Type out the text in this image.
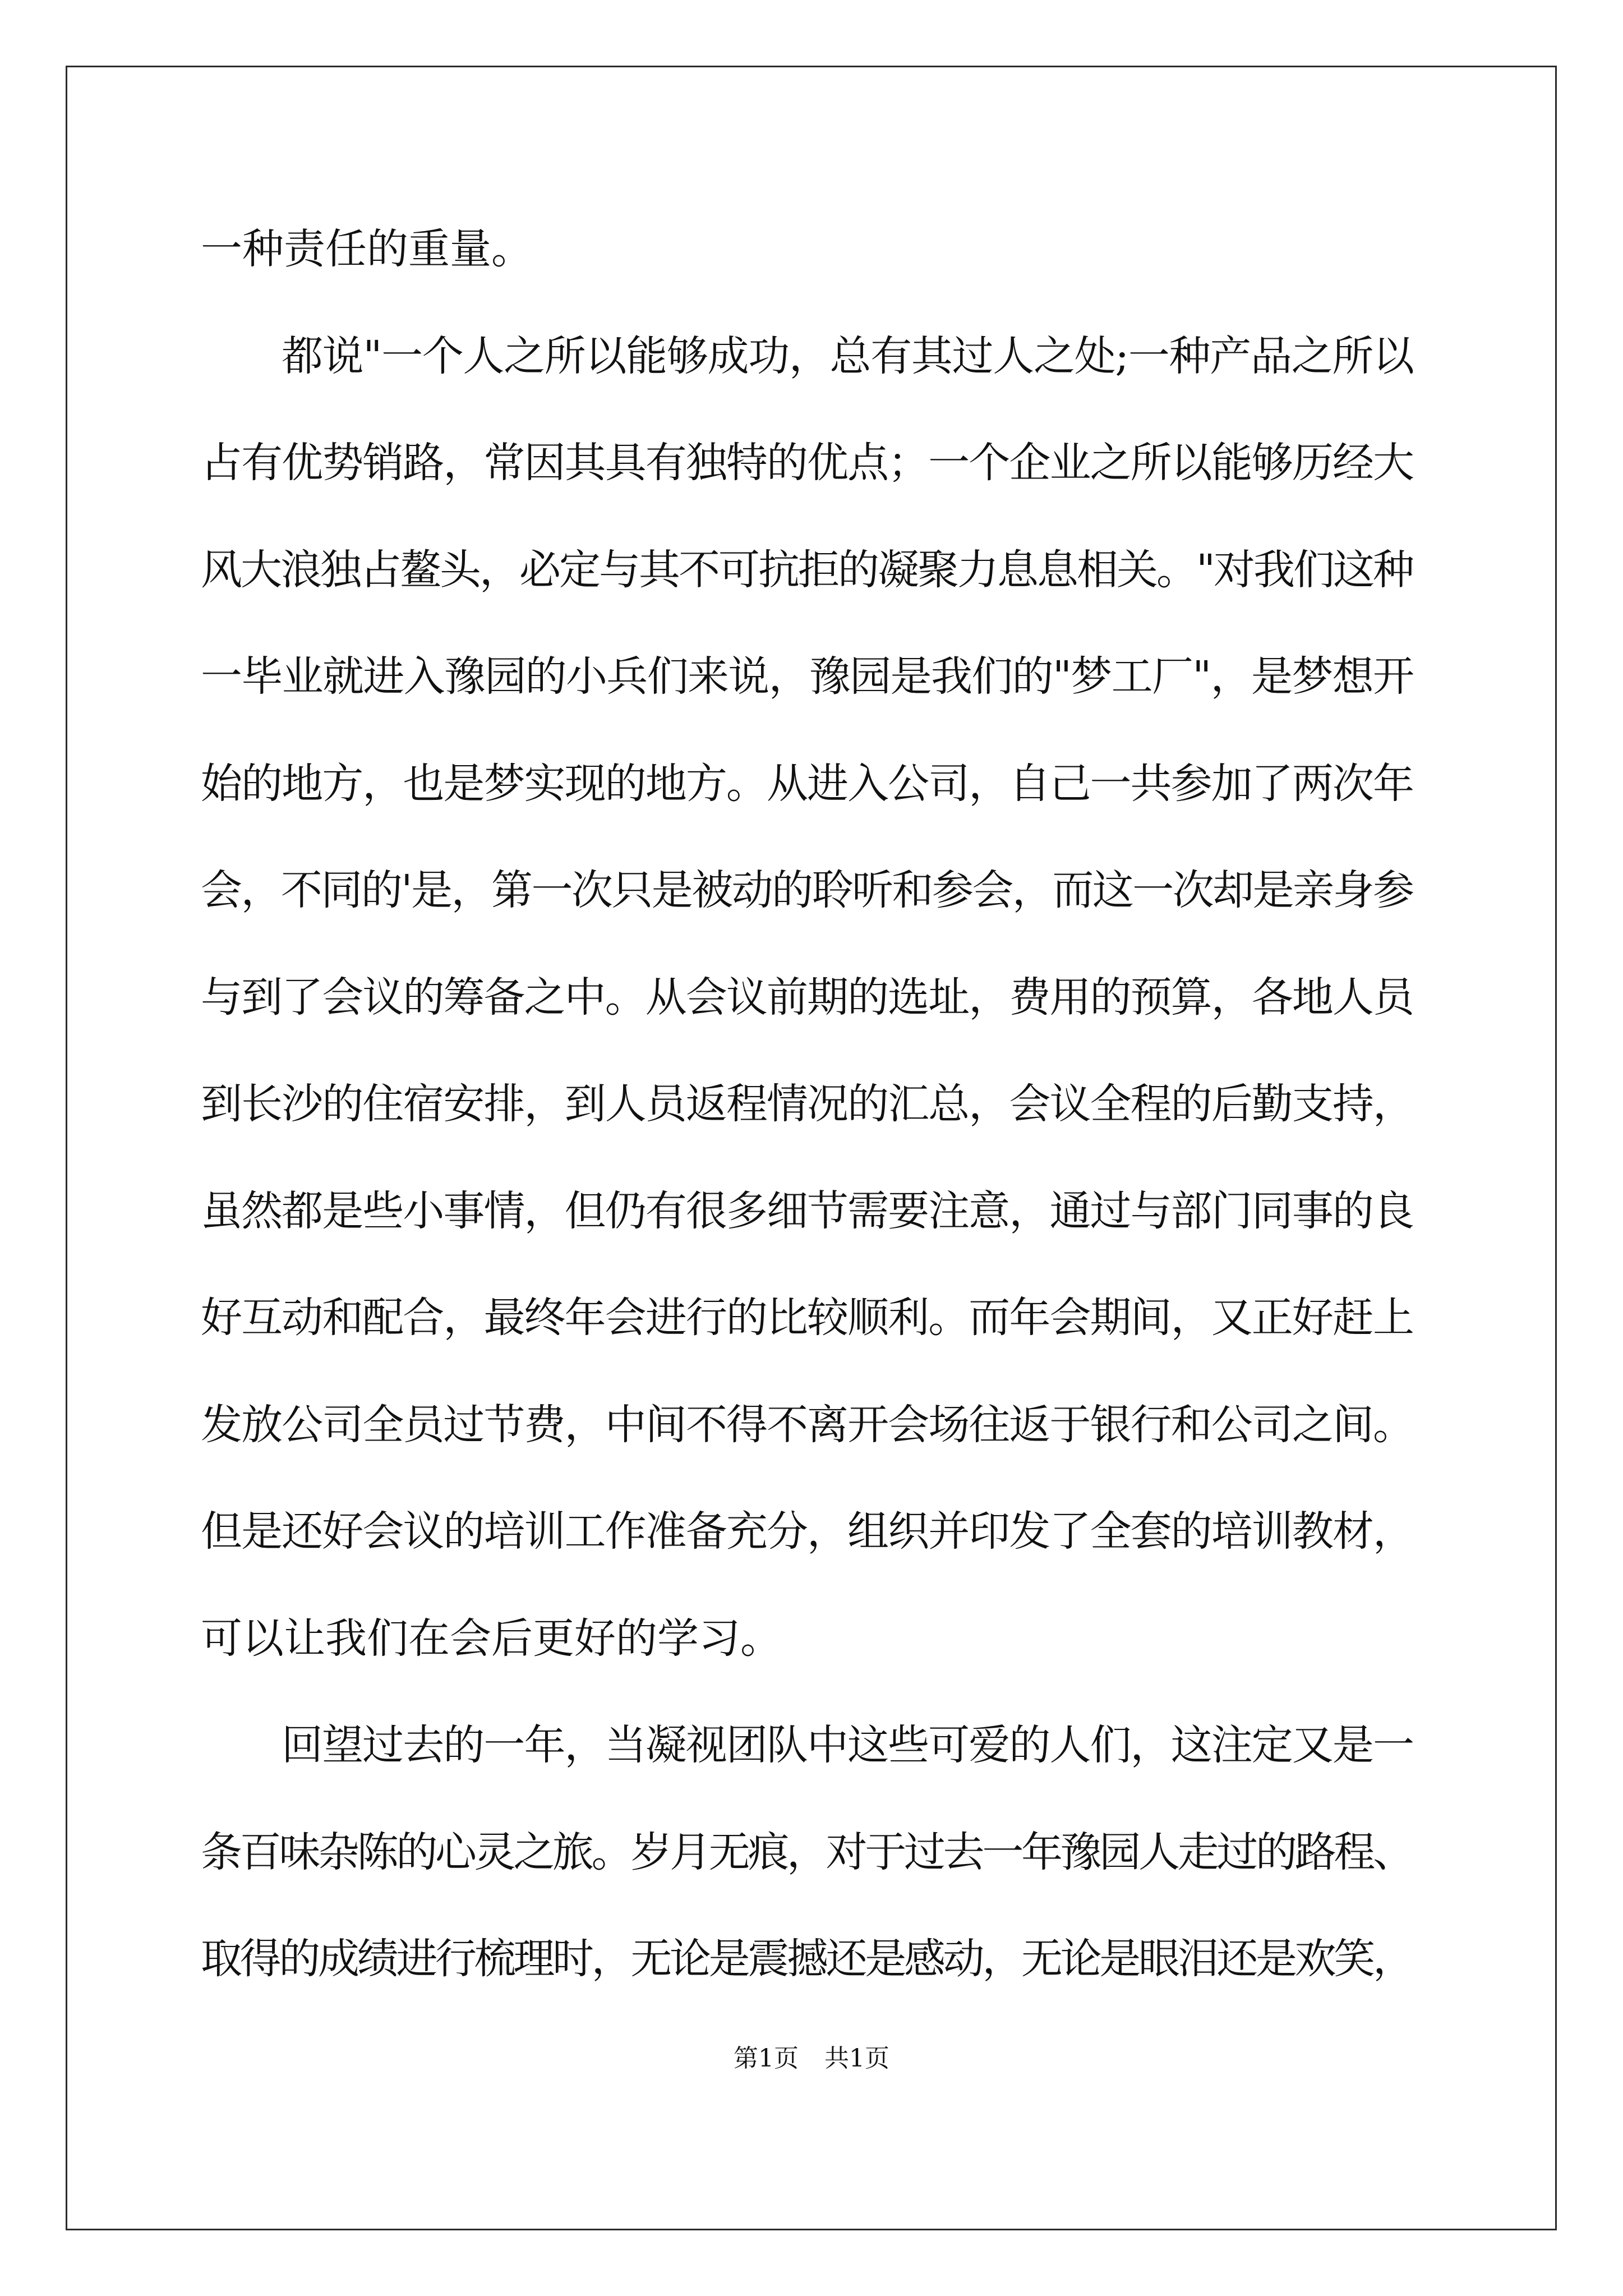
一种责任的重量。

都说"一个人之所以能够成功，总有其过人之处;一种产品之所以

占有优势销路，常因其具有独特的优点；一个企业之所以能够历经大

风大浪独占鳌头，必定与其不可抗拒的凝聚力息息相关。"对我们这种

一毕业就进入豫园的小兵们来说，豫园是我们的"梦工厂"，是梦想开

始的地方，也是梦实现的地方。从进入公司，自己一共参加了两次年

会，不同的'是，第一次只是被动的聆听和参会，而这一次却是亲身参

与到了会议的筹备之中。从会议前期的选址，费用的预算，各地人员

到长沙的住宿安排，到人员返程情况的汇总，会议全程的后勤支持，

虽然都是些小事情，但仍有很多细节需要注意，通过与部门同事的良

好互动和配合，最终年会进行的比较顺利。而年会期间，又正好赶上

发放公司全员过节费，中间不得不离开会场往返于银行和公司之间。

但是还好会议的培训工作准备充分，组织并印发了全套的培训教材，

可以让我们在会后更好的学习。

回望过去的一年，当凝视团队中这些可爱的人们，这注定又是一

条百味杂陈的心灵之旅。岁月无痕，对于过去一年豫园人走过的路程、

取得的成绩进行梳理时，无论是震撼还是感动，无论是眼泪还是欢笑，

第1页 共1页
